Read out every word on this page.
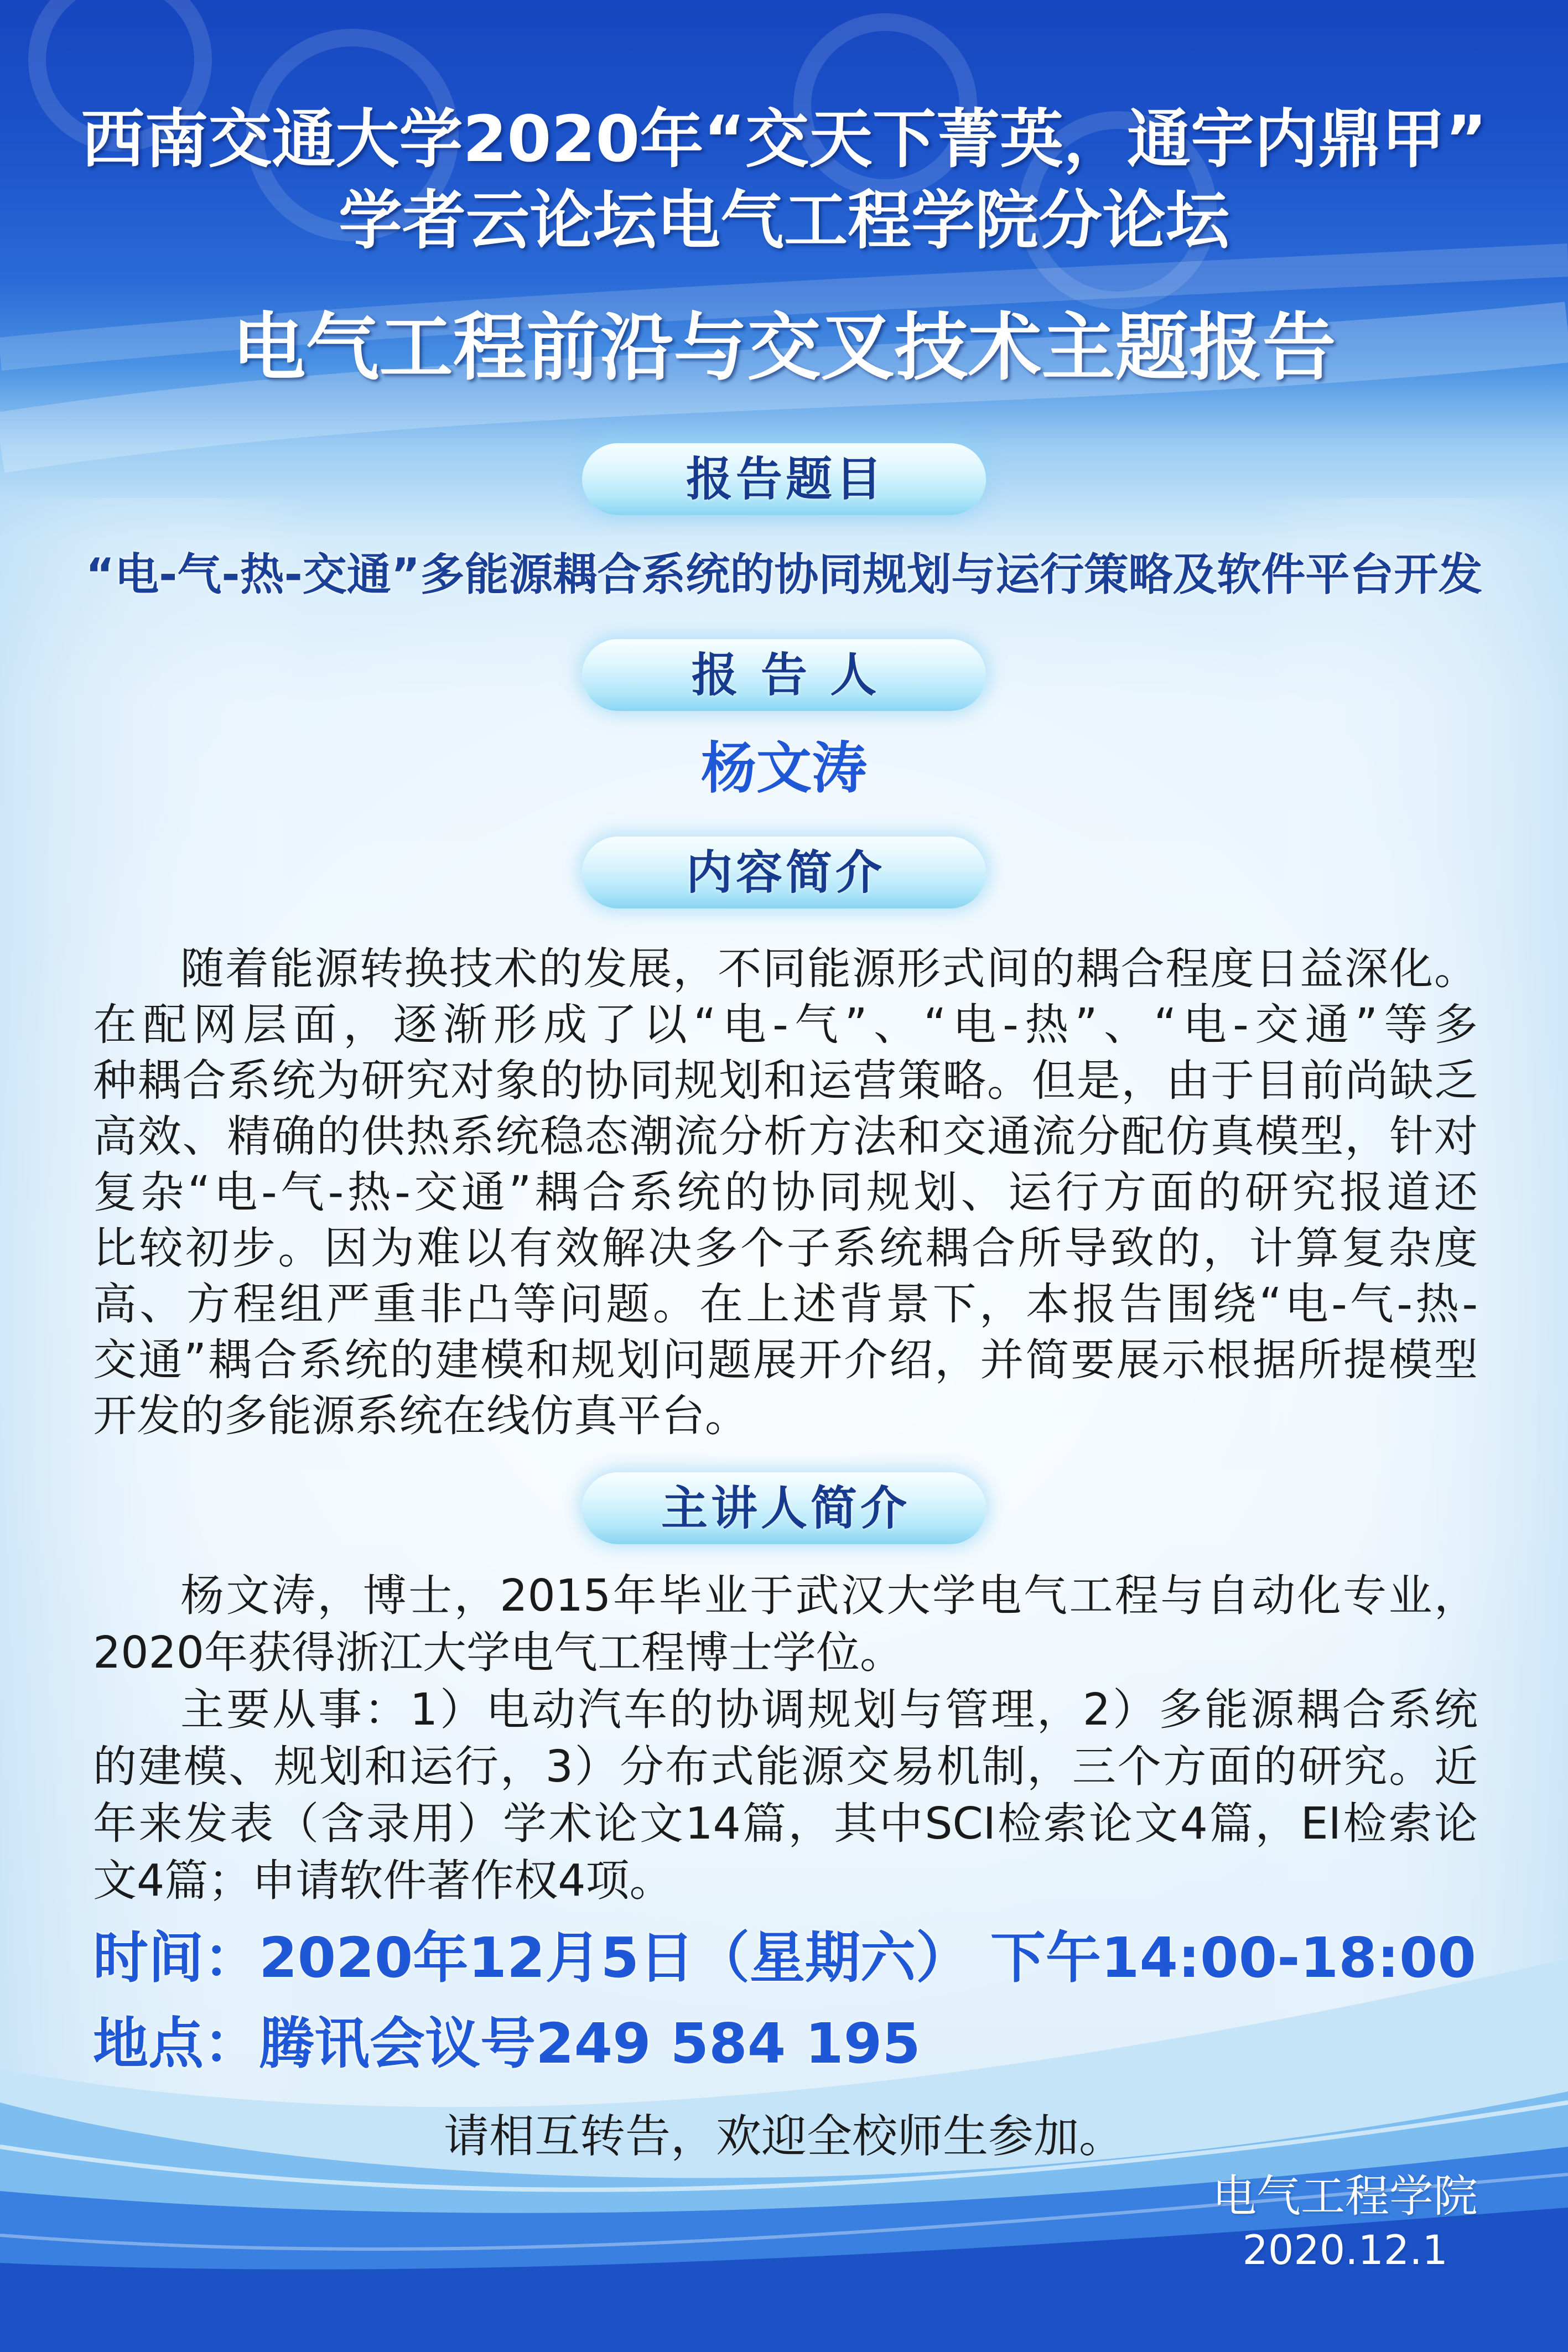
西南交通大学2020年“交天下菁英，通宇内鼎甲”
学者云论坛电气工程学院分论坛
电气工程前沿与交叉技术主题报告
报告题目
“电-气-热-交通”多能源耦合系统的协同规划与运行策略及软件平台开发
报 告 人
杨文涛
内容简介
随着能源转换技术的发展，不同能源形式间的耦合程度日益深化。
在配网层面，逐渐形成了以“电-气”、“电-热”、“电-交通”等多
种耦合系统为研究对象的协同规划和运营策略。但是，由于目前尚缺乏
高效、精确的供热系统稳态潮流分析方法和交通流分配仿真模型，针对
复杂“电-气-热-交通”耦合系统的协同规划、运行方面的研究报道还
比较初步。因为难以有效解决多个子系统耦合所导致的，计算复杂度
高、方程组严重非凸等问题。在上述背景下，本报告围绕“电-气-热-
交通”耦合系统的建模和规划问题展开介绍，并简要展示根据所提模型
开发的多能源系统在线仿真平台。
主讲人简介
杨文涛，博士，2015年毕业于武汉大学电气工程与自动化专业，
2020年获得浙江大学电气工程博士学位。
主要从事：1）电动汽车的协调规划与管理，2）多能源耦合系统
的建模、规划和运行，3）分布式能源交易机制，三个方面的研究。近
年来发表（含录用）学术论文14篇，其中SCI检索论文4篇，EI检索论
文4篇；申请软件著作权4项。
时间：2020年12月5日（星期六） 下午14:00-18:00
地点：腾讯会议号249 584 195
请相互转告，欢迎全校师生参加。
电气工程学院
2020.12.1
